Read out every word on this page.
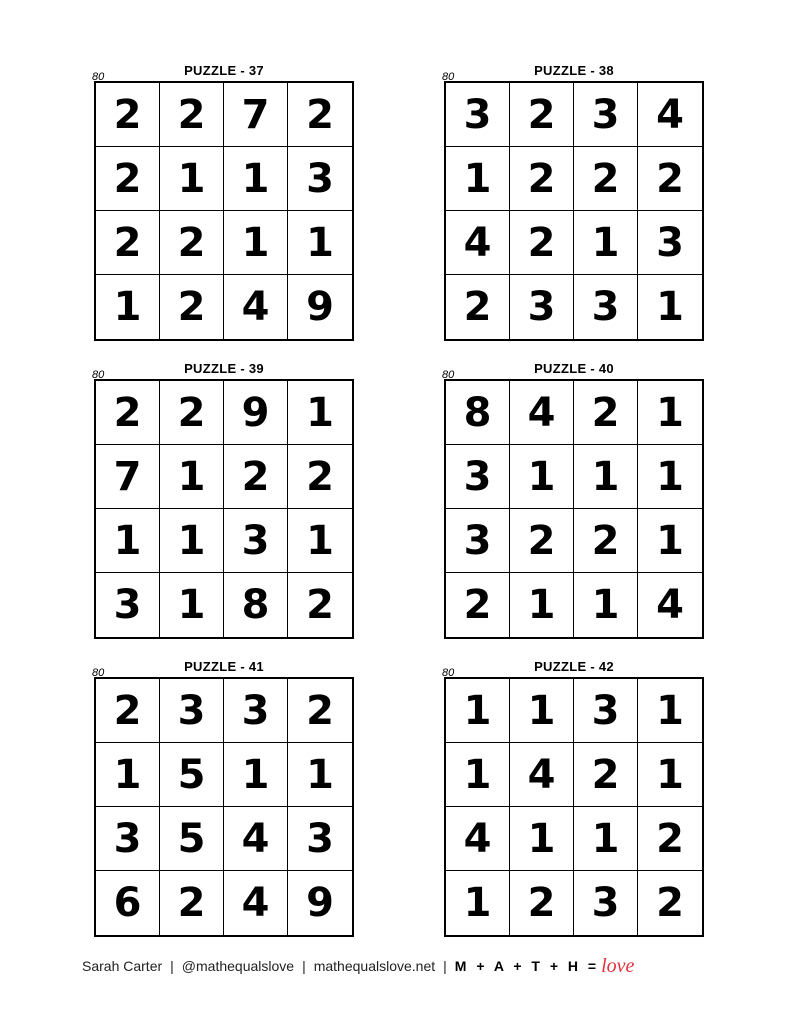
PUZZLE - 37
80
2 2 7 2
2 1 1 3
2 2 1 1
1 2 4 9
PUZZLE - 38
80
3 2 3 4
1 2 2 2
4 2 1 3
2 3 3 1
PUZZLE - 39
80
2 2 9 1
7 1 2 2
1 1 3 1
3 1 8 2
PUZZLE - 40
80
8 4 2 1
3 1 1 1
3 2 2 1
2 1 1 4
PUZZLE - 41
80
2 3 3 2
1 5 1 1
3 5 4 3
6 2 4 9
PUZZLE - 42
80
1 1 3 1
1 4 2 1
4 1 1 2
1 2 3 2
Sarah Carter | @mathequalslove | mathequalslove.net | M + A + T + H = love
